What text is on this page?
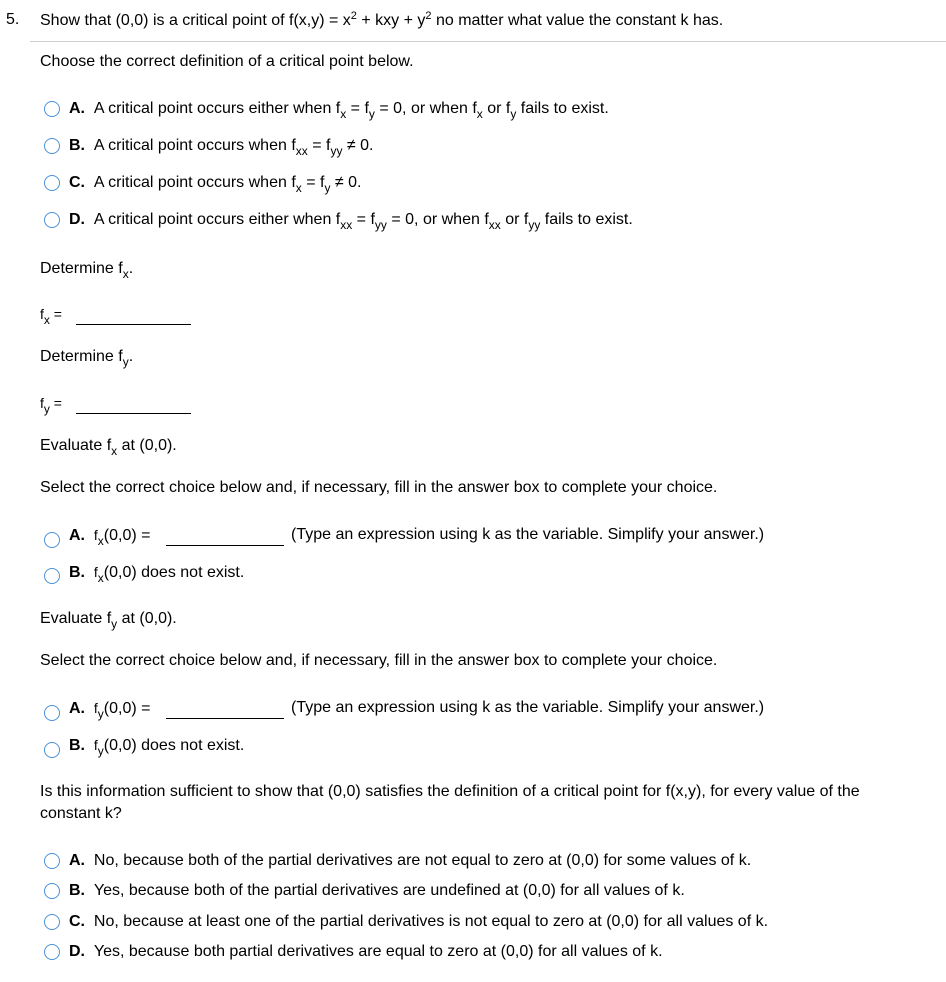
5. Show that (0,0) is a critical point of $f(x,y) = x^2$ + kxy + $y^2$ no matter what value the constant k has.
Choose the correct definition of a critical point below.
A. A critical point occurs either when $f_x = f_y = 0$, or when $f_x$ or $f_y$ fails to exist.
B. A critical point occurs when $f_{xx} = f_{yy} \ne 0$.
C. A critical point occurs when $f_x = f_y \ne 0$.
D. A critical point occurs either when $f_{xx} = f_{yy} = 0$, or when $f_{xx}$ or $f_{yy}$ fails to exist.
Determine $f_x$.
$f_x$ =
Determine $f_y$.
$f_y$ =
Evaluate $f_x$ at (0,0).
Select the correct choice below and, if necessary, fill in the answer box to complete your choice.
A. $f_x(0,0)$ =	(Type an expression using k as the variable. Simplify your answer.)
B. $f_x(0,0)$ does not exist.
Evaluate $f_y$ at (0,0).
Select the correct choice below and, if necessary, fill in the answer box to complete your choice.
A. $f_y(0,0)$ =	(Type an expression using k as the variable. Simplify your answer.)
B. $f_y(0,0)$ does not exist.
Is this information sufficient to show that (0,0) satisfies the definition of a critical point for f(x,y), for every value of the
constant k?
A. No, because both of the partial derivatives are not equal to zero at (0,0) for some values of k.
B. Yes, because both of the partial derivatives are undefined at (0,0) for all values of k.
C. No, because at least one of the partial derivatives is not equal to zero at (0,0) for all values of k.
D. Yes, because both partial derivatives are equal to zero at (0,0) for all values of k.
